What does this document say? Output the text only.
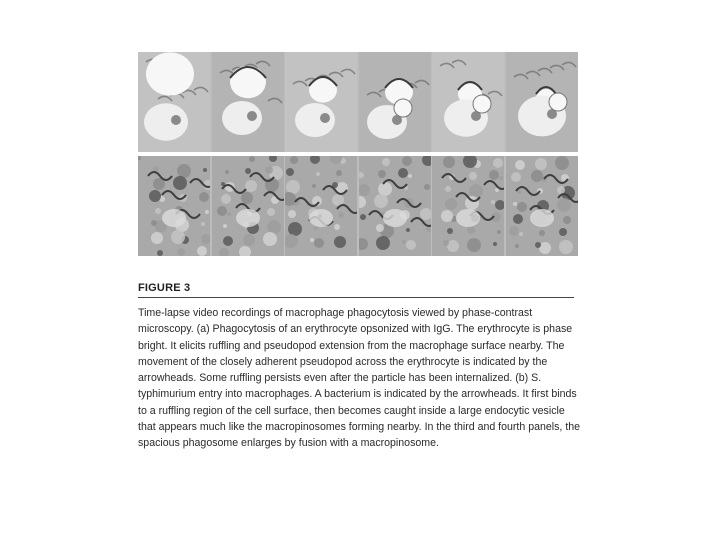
FIGURE 3

Time-lapse video recordings of macrophage phagocytosis viewed by phase-contrast microscopy. (a) Phagocytosis of an erythrocyte opsonized with IgG. The erythrocyte is phase bright. It elicits ruffling and pseudopod extension from the macrophage surface nearby. The movement of the closely adherent pseudopod across the erythrocyte is indicated by the arrowheads. Some ruffling persists even after the particle has been internalized. (b) S. typhimurium entry into macrophages. A bacterium is indicated by the arrowheads. It first binds to a ruffling region of the cell surface, then becomes caught inside a large endocytic vesicle that appears much like the macropinosomes forming nearby. In the third and fourth panels, the spacious phagosome enlarges by fusion with a macropinosome.
